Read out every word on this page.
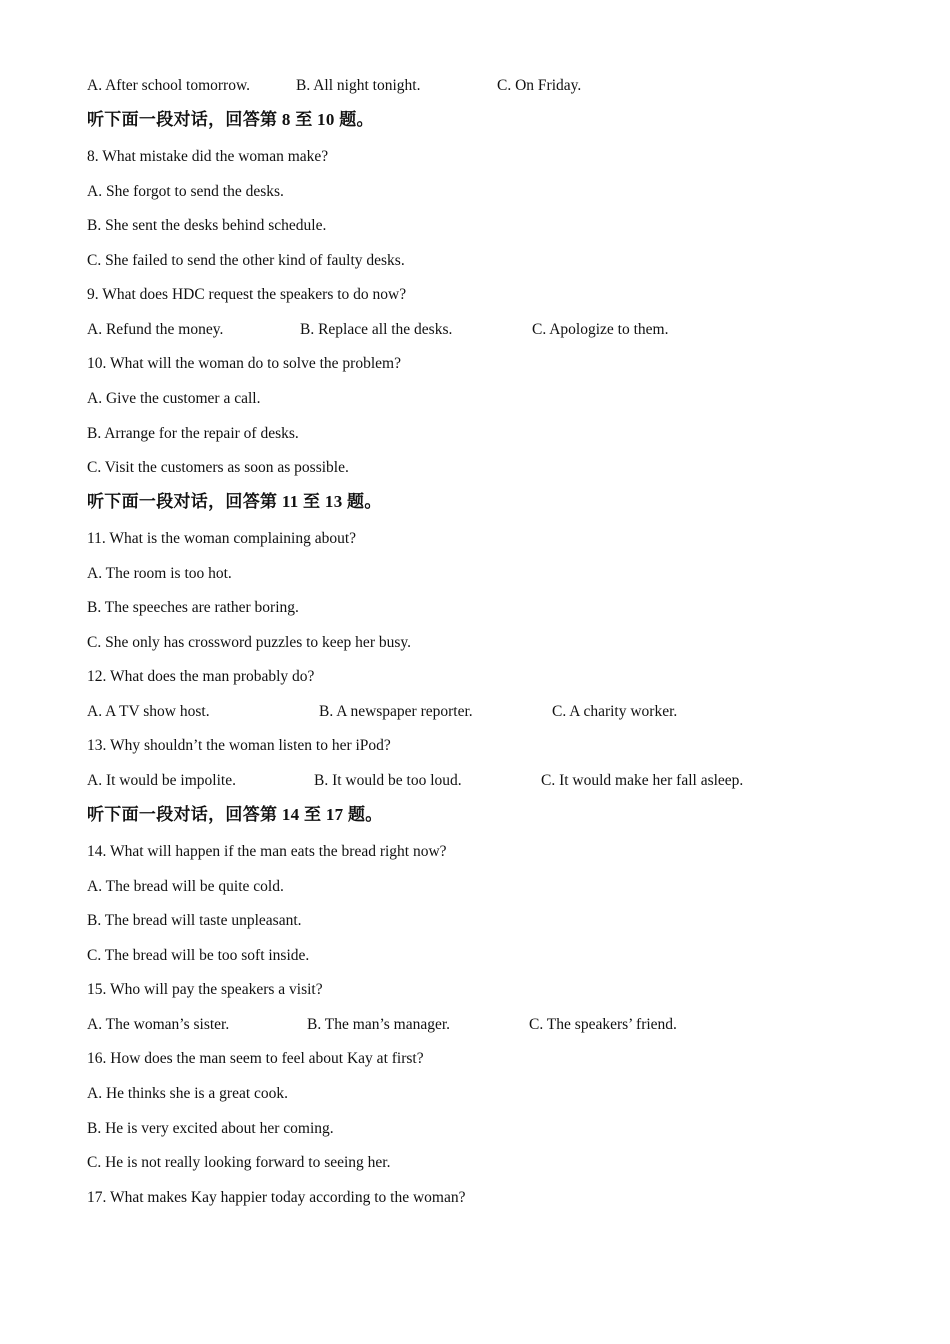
A. After school tomorrow.	B. All night tonight.	C. On Friday.
听下面一段对话，回答第 8 至 10 题。
8. What mistake did the woman make?
A. She forgot to send the desks.
B. She sent the desks behind schedule.
C. She failed to send the other kind of faulty desks.
9. What does HDC request the speakers to do now?
A. Refund the money.	B. Replace all the desks.	C. Apologize to them.
10. What will the woman do to solve the problem?
A. Give the customer a call.
B. Arrange for the repair of desks.
C. Visit the customers as soon as possible.
听下面一段对话，回答第 11 至 13 题。
11. What is the woman complaining about?
A. The room is too hot.
B. The speeches are rather boring.
C. She only has crossword puzzles to keep her busy.
12. What does the man probably do?
A. A TV show host.	B. A newspaper reporter.	C. A charity worker.
13. Why shouldn’t the woman listen to her iPod?
A. It would be impolite.	B. It would be too loud.	C. It would make her fall asleep.
听下面一段对话，回答第 14 至 17 题。
14. What will happen if the man eats the bread right now?
A. The bread will be quite cold.
B. The bread will taste unpleasant.
C. The bread will be too soft inside.
15. Who will pay the speakers a visit?
A. The woman’s sister.	B. The man’s manager.	C. The speakers’ friend.
16. How does the man seem to feel about Kay at first?
A. He thinks she is a great cook.
B. He is very excited about her coming.
C. He is not really looking forward to seeing her.
17. What makes Kay happier today according to the woman?
